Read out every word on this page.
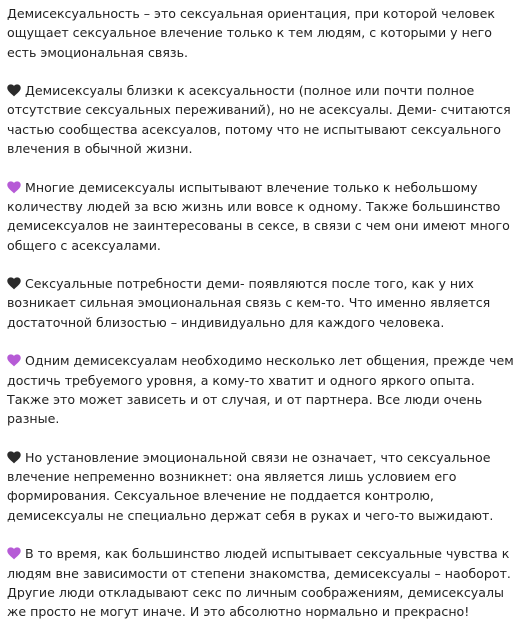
Демисексуальность – это сексуальная ориентация, при которой человек ощущает сексуальное влечение только к тем людям, с которыми у него есть эмоциональная связь.

Демисексуалы близки к асексуальности (полное или почти полное отсутствие сексуальных переживаний), но не асексуалы. Деми- считаются частью сообщества асексуалов, потому что не испытывают сексуального влечения в обычной жизни.

Многие демисексуалы испытывают влечение только к небольшому количеству людей за всю жизнь или вовсе к одному. Также большинство демисексуалов не заинтересованы в сексе, в связи с чем они имеют много общего с асексуалами.

Сексуальные потребности деми- появляются после того, как у них возникает сильная эмоциональная связь с кем-то. Что именно является достаточной близостью – индивидуально для каждого человека.

Одним демисексуалам необходимо несколько лет общения, прежде чем достичь требуемого уровня, а кому-то хватит и одного яркого опыта. Также это может зависеть и от случая, и от партнера. Все люди очень разные.

Но установление эмоциональной связи не означает, что сексуальное влечение непременно возникнет: она является лишь условием его формирования. Сексуальное влечение не поддается контролю, демисексуалы не специально держат себя в руках и чего-то выжидают.

В то время, как большинство людей испытывает сексуальные чувства к людям вне зависимости от степени знакомства, демисексуалы – наоборот. Другие люди откладывают секс по личным соображениям, демисексуалы же просто не могут иначе. И это абсолютно нормально и прекрасно!
